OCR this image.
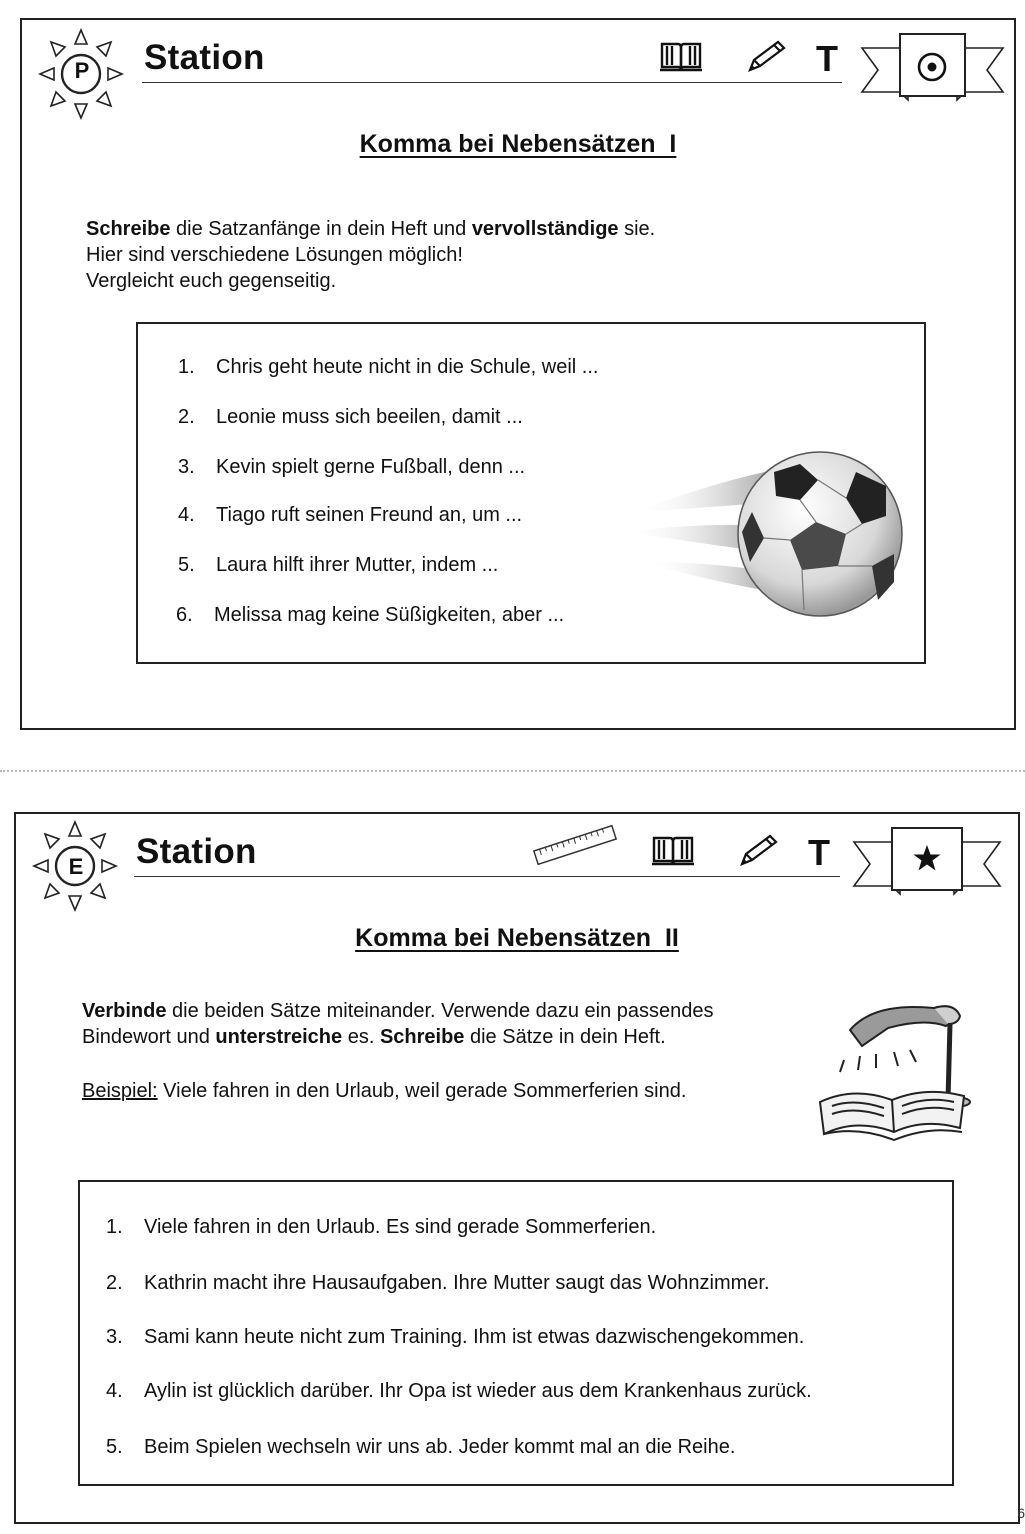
P	Station	T
Komma bei Nebensätzen  I

Schreibe die Satzanfänge in dein Heft und vervollständige sie.

Hier sind verschiedene Lösungen möglich!

Vergleicht euch gegenseitig.

1. Chris geht heute nicht in die Schule, weil ...
2. Leonie muss sich beeilen, damit ...
3. Kevin spielt gerne Fußball, denn ...
4. Tiago ruft seinen Freund an, um ...
5. Laura hilft ihrer Mutter, indem ...
6. Melissa mag keine Süßigkeiten, aber ...
E	Station	T
Komma bei Nebensätzen  II

Verbinde die beiden Sätze miteinander. Verwende dazu ein passendes

Bindewort und unterstreiche es. Schreibe die Sätze in dein Heft.

Beispiel: Viele fahren in den Urlaub, weil gerade Sommerferien sind.

1. Viele fahren in den Urlaub. Es sind gerade Sommerferien.
2. Kathrin macht ihre Hausaufgaben. Ihre Mutter saugt das Wohnzimmer.
3. Sami kann heute nicht zum Training. Ihm ist etwas dazwischengekommen.
4. Aylin ist glücklich darüber. Ihr Opa ist wieder aus dem Krankenhaus zurück.
5. Beim Spielen wechseln wir uns ab. Jeder kommt mal an die Reihe.
6
